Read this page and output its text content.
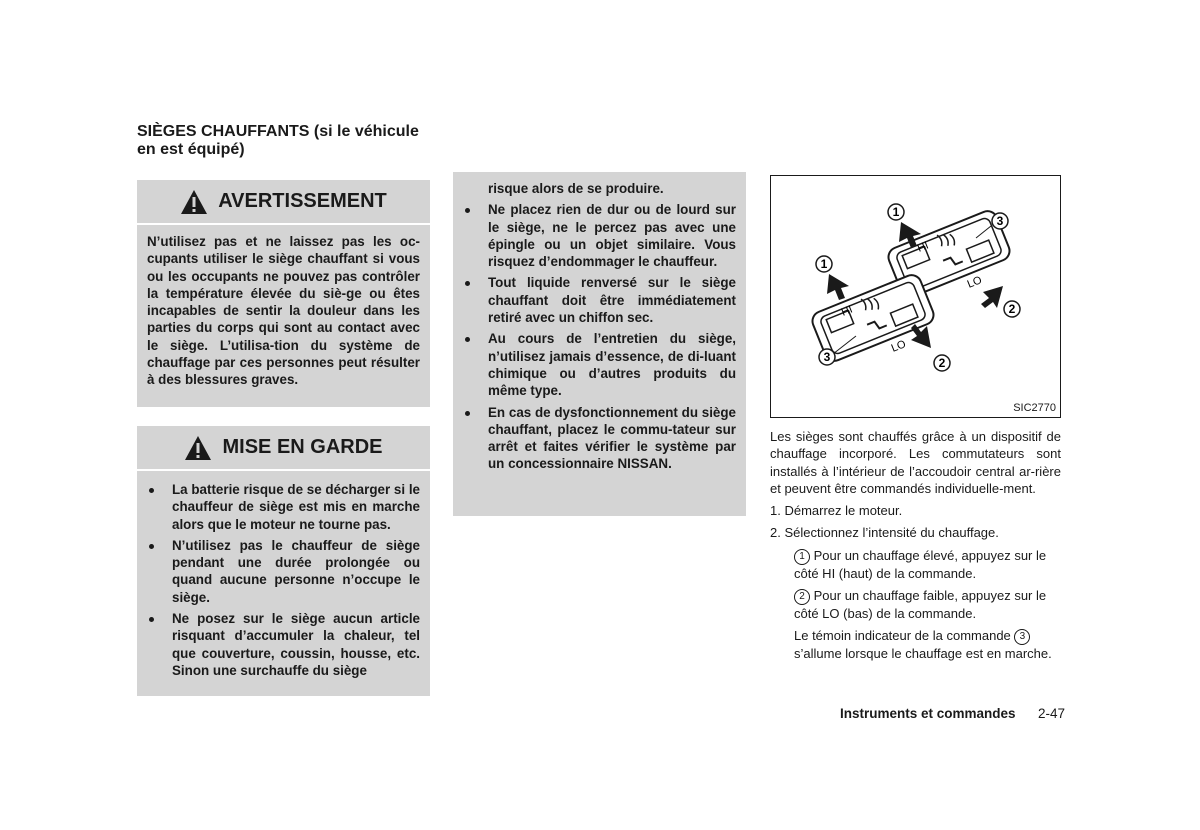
SIÈGES CHAUFFANTS (si le véhicule en est équipé)
AVERTISSEMENT

N’utilisez pas et ne laissez pas les oc-cupants utiliser le siège chauffant si vous ou les occupants ne pouvez pas contrôler la température élevée du siè-ge ou êtes incapables de sentir la douleur dans les parties du corps qui sont au contact avec le siège. L’utilisa-tion du système de chauffage par ces personnes peut résulter à des blessures graves.

MISE EN GARDE
La batterie risque de se décharger si le chauffeur de siège est mis en marche alors que le moteur ne tourne pas.
N’utilisez pas le chauffeur de siège pendant une durée prolongée ou quand aucune personne n’occupe le siège.
Ne posez sur le siège aucun article risquant d’accumuler la chaleur, tel que couverture, coussin, housse, etc. Sinon une surchauffe du siège

risque alors de se produire.

Ne placez rien de dur ou de lourd sur le siège, ne le percez pas avec une épingle ou un objet similaire. Vous risquez d’endommager le chauffeur.
Tout liquide renversé sur le siège chauffant doit être immédiatement retiré avec un chiffon sec.
Au cours de l’entretien du siège, n’utilisez jamais d’essence, de di-luant chimique ou d’autres produits du même type.
En cas de dysfonctionnement du siège chauffant, placez le commu-tateur sur arrêt et faites vérifier le système par un concessionnaire NISSAN.
HI
LO
HI
LO
1
1
3
3
2
2
SIC2770

Les sièges sont chauffés grâce à un dispositif de chauffage incorporé. Les commutateurs sont installés à l’intérieur de l’accoudoir central ar-rière et peuvent être commandés individuelle-ment.

1. Démarrez le moteur.

2. Sélectionnez l’intensité du chauffage.

1 Pour un chauffage élevé, appuyez sur le côté HI (haut) de la commande.

2 Pour un chauffage faible, appuyez sur le côté LO (bas) de la commande.

Le témoin indicateur de la commande 3 s’allume lorsque le chauffage est en marche.

Instruments et commandes 2-47
